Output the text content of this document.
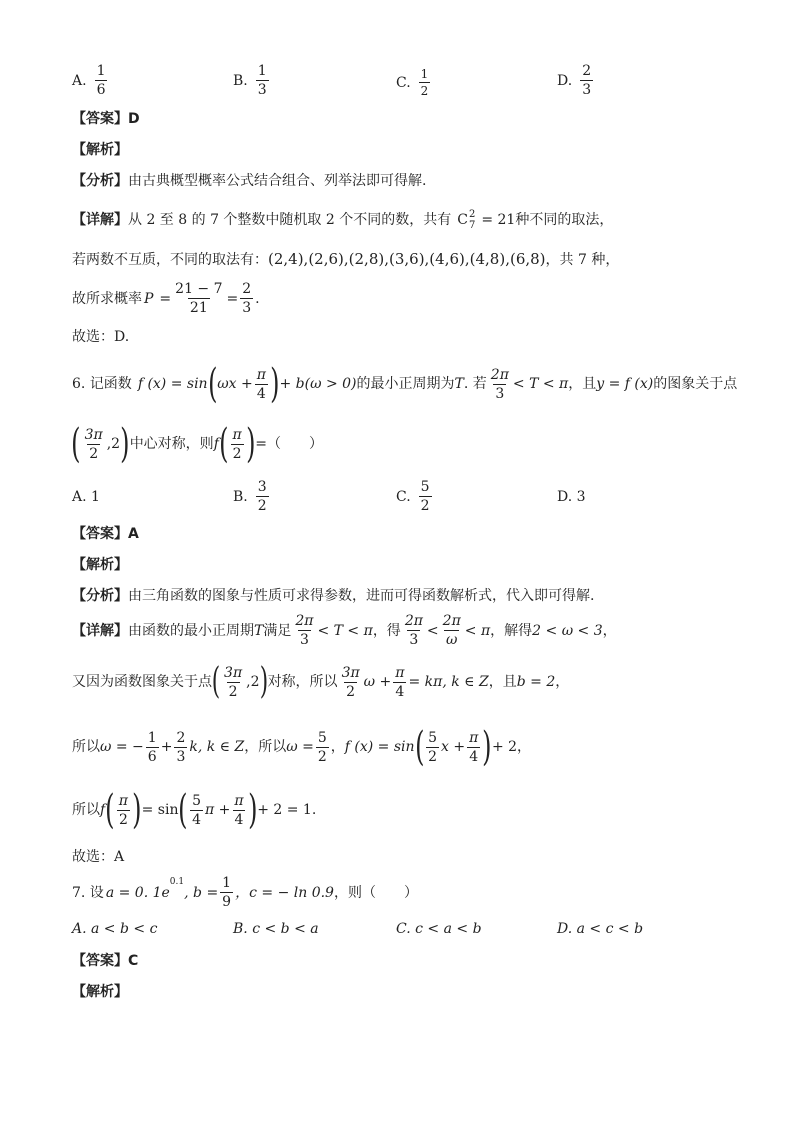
A. $\frac{1}{6}$	B. $\frac{1}{3}$	C. $\frac{1}{2}$	D. $\frac{2}{3}$
【答案】D
【解析】
【分析】 由古典概型概率公式结合组合、列举法即可得解.
【详解】 从 2 至 8 的 7 个整数中随机取 2 个不同的数，共有 C 2
7 = 21种不同的取法，
若两数不互质，不同的取法有： (2,4),(2,6),(2,8),(3,6),(4,6),(4,8),(6,8) ，共 7 种，
故所求概率 $P = \frac{21 - 7}{21} = \frac{2}{3}$ .
故选：D.
6. 记函数 f (x) = sin ( $\omega x + \frac{\pi}{4}$ ) + b(ω > 0) 的最小正周期为 T . 若 $\frac{2\pi}{3} < T < \pi$ ，且 y = f (x) 的图象关于点
( $\frac{3\pi}{2} ,2$ ) 中心对称，则 f ( $\frac{\pi}{2}$ ) =（　　）
A. 1	B. $\frac{3}{2}$	C. $\frac{5}{2}$	D. 3
【答案】A
【解析】
【分析】 由三角函数的图象与性质可求得参数，进而可得函数解析式，代入即可得解.
【详解】 由函数的最小正周期 T 满足 $\frac{2\pi}{3} < T < \pi$ ，得 $\frac{2\pi}{3} < \frac{2\pi}{\omega} < \pi$ ，解得 2 < ω < 3 ，
又因为函数图象关于点 ( $\frac{3\pi}{2} ,2$ ) 对称，所以 $\frac{3\pi}{2}$ $\omega + \frac{\pi}{4} = k\pi$, k ∈ Z ，且 b = 2 ，
所以 ω = − $\frac{1}{6} + \frac{2}{3} k$, k ∈ Z ，所以 $\omega = \frac{5}{2}$ ， f (x) = sin ( $\frac{5}{2}$ $x + \frac{\pi}{4}$ ) + 2 ，
所以 f ( $\frac{\pi}{2}$ ) = sin ( $\frac{5}{4}$ $\pi + \frac{\pi}{4}$ ) + 2 = 1.
故选：A
7. 设 a = 0. 1e
$^{0.1}$
, $b = \frac{1}{9}$ ，c = − ln 0.9 ，则（　　）
A. a < b < c	B. c < b < a	C. c < a < b	D. a < c < b
【答案】C
【解析】
